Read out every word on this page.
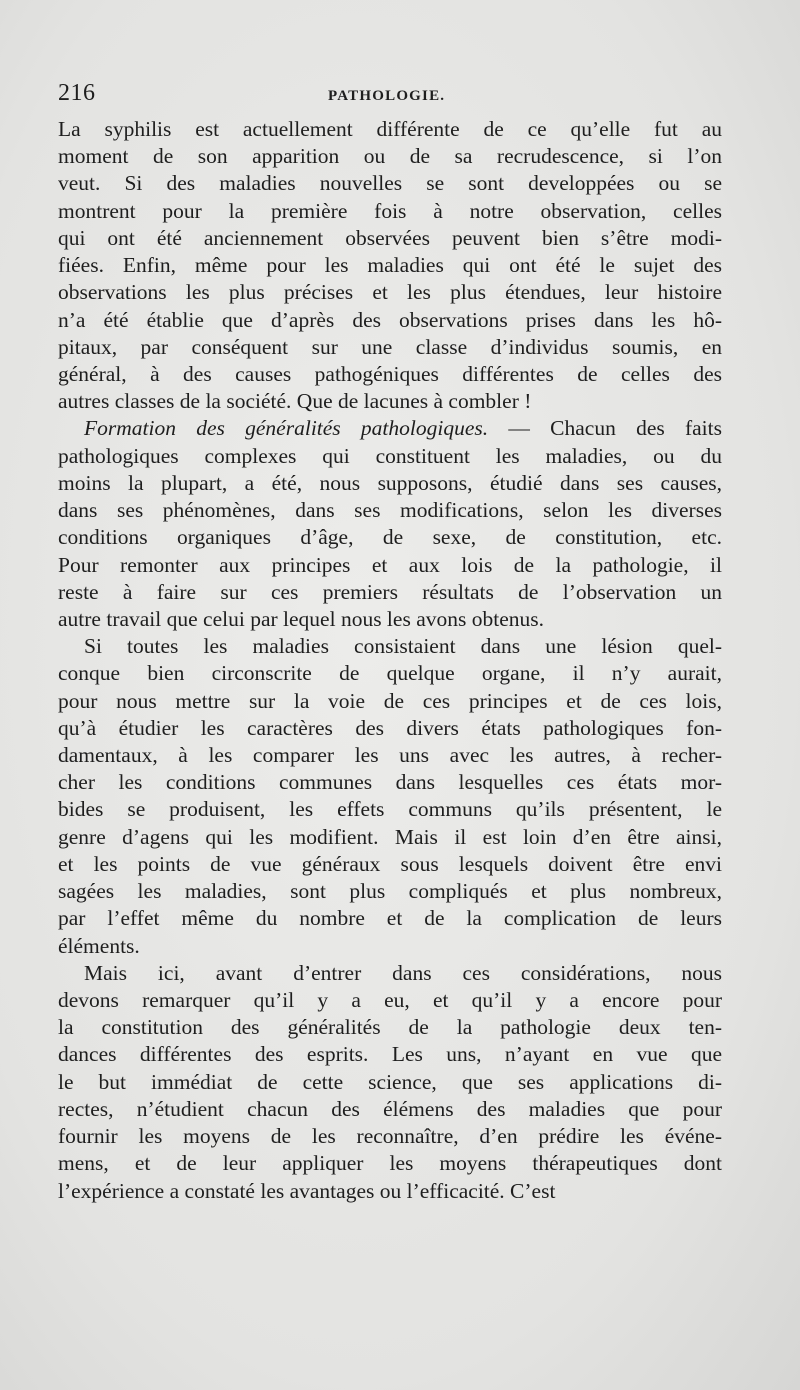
216	PATHOLOGIE.
La syphilis est actuellement différente de ce qu’elle fut au
moment de son apparition ou de sa recrudescence, si l’on
veut. Si des maladies nouvelles se sont developpées ou se
montrent pour la première fois à notre observation, celles
qui ont été anciennement observées peuvent bien s’être modi-
fiées. Enfin, même pour les maladies qui ont été le sujet des
observations les plus précises et les plus étendues, leur histoire
n’a été établie que d’après des observations prises dans les hô-
pitaux, par conséquent sur une classe d’individus soumis, en
général, à des causes pathogéniques différentes de celles des
autres classes de la société. Que de lacunes à combler !
Formation des généralités pathologiques. — Chacun des faits
pathologiques complexes qui constituent les maladies, ou du
moins la plupart, a été, nous supposons, étudié dans ses causes,
dans ses phénomènes, dans ses modifications, selon les diverses
conditions organiques d’âge, de sexe, de constitution, etc.
Pour remonter aux principes et aux lois de la pathologie, il
reste à faire sur ces premiers résultats de l’observation un
autre travail que celui par lequel nous les avons obtenus.
Si toutes les maladies consistaient dans une lésion quel-
conque bien circonscrite de quelque organe, il n’y aurait,
pour nous mettre sur la voie de ces principes et de ces lois,
qu’à étudier les caractères des divers états pathologiques fon-
damentaux, à les comparer les uns avec les autres, à recher-
cher les conditions communes dans lesquelles ces états mor-
bides se produisent, les effets communs qu’ils présentent, le
genre d’agens qui les modifient. Mais il est loin d’en être ainsi,
et les points de vue généraux sous lesquels doivent être envi
sagées les maladies, sont plus compliqués et plus nombreux,
par l’effet même du nombre et de la complication de leurs
éléments.
Mais ici, avant d’entrer dans ces considérations, nous
devons remarquer qu’il y a eu, et qu’il y a encore pour
la constitution des généralités de la pathologie deux ten-
dances différentes des esprits. Les uns, n’ayant en vue que
le but immédiat de cette science, que ses applications di-
rectes, n’étudient chacun des élémens des maladies que pour
fournir les moyens de les reconnaître, d’en prédire les événe-
mens, et de leur appliquer les moyens thérapeutiques dont
l’expérience a constaté les avantages ou l’efficacité. C’est
